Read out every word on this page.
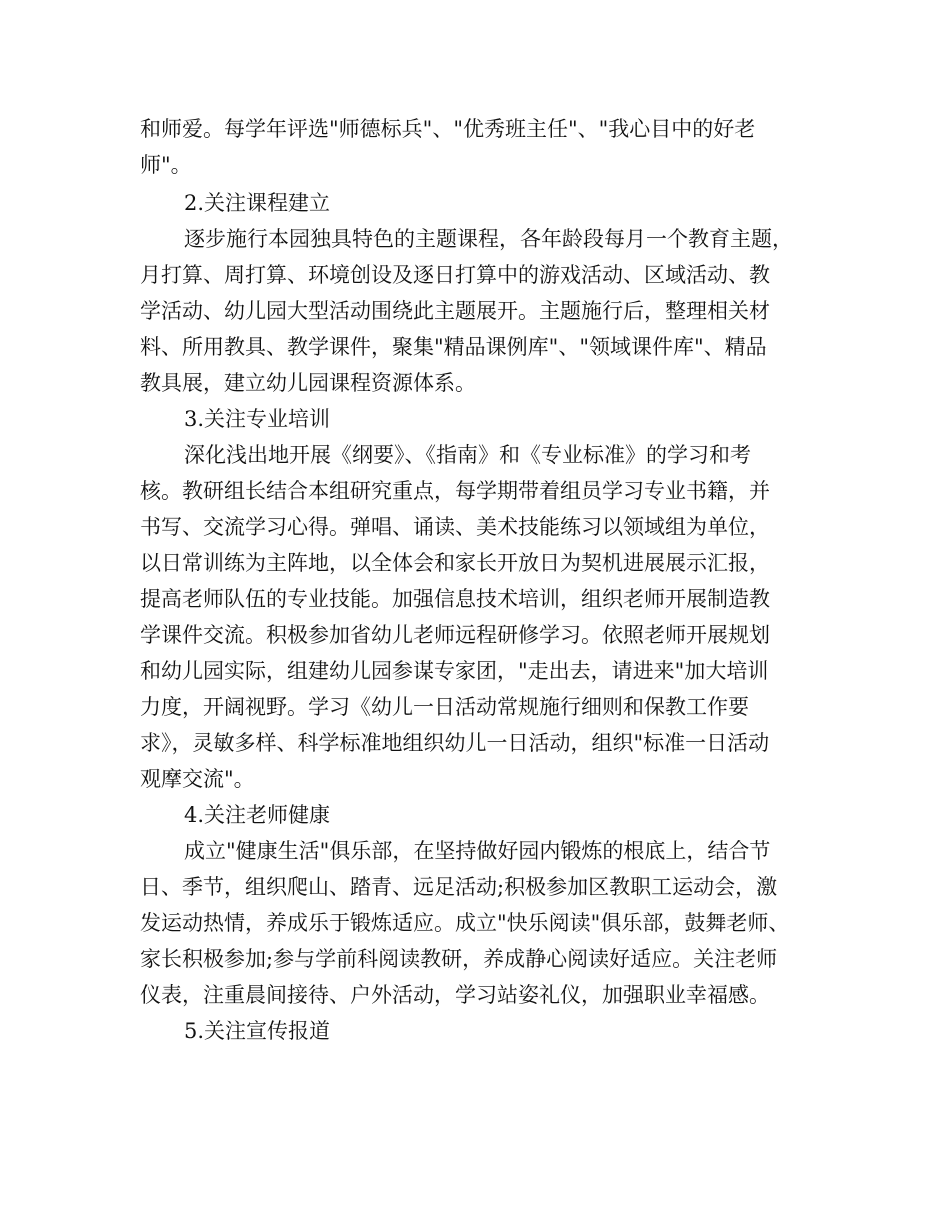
和师爱。每学年评选"师德标兵"、"优秀班主任"、"我心目中的好老
师"。
2.关注课程建立
逐步施行本园独具特色的主题课程，各年龄段每月一个教育主题，
月打算、周打算、环境创设及逐日打算中的游戏活动、区域活动、教
学活动、幼儿园大型活动围绕此主题展开。主题施行后，整理相关材
料、所用教具、教学课件，聚集"精品课例库"、"领域课件库"、精品
教具展，建立幼儿园课程资源体系。
3.关注专业培训
深化浅出地开展《纲要》、《指南》和《专业标准》的学习和考
核。教研组长结合本组研究重点，每学期带着组员学习专业书籍，并
书写、交流学习心得。弹唱、诵读、美术技能练习以领域组为单位，
以日常训练为主阵地，以全体会和家长开放日为契机进展展示汇报，
提高老师队伍的专业技能。加强信息技术培训，组织老师开展制造教
学课件交流。积极参加省幼儿老师远程研修学习。依照老师开展规划
和幼儿园实际，组建幼儿园参谋专家团，"走出去，请进来"加大培训
力度，开阔视野。学习《幼儿一日活动常规施行细则和保教工作要
求》，灵敏多样、科学标准地组织幼儿一日活动，组织"标准一日活动
观摩交流"。
4.关注老师健康
成立"健康生活"俱乐部，在坚持做好园内锻炼的根底上，结合节
日、季节，组织爬山、踏青、远足活动;积极参加区教职工运动会，激
发运动热情，养成乐于锻炼适应。成立"快乐阅读"俱乐部，鼓舞老师、
家长积极参加;参与学前科阅读教研，养成静心阅读好适应。关注老师
仪表，注重晨间接待、户外活动，学习站姿礼仪，加强职业幸福感。
5.关注宣传报道
